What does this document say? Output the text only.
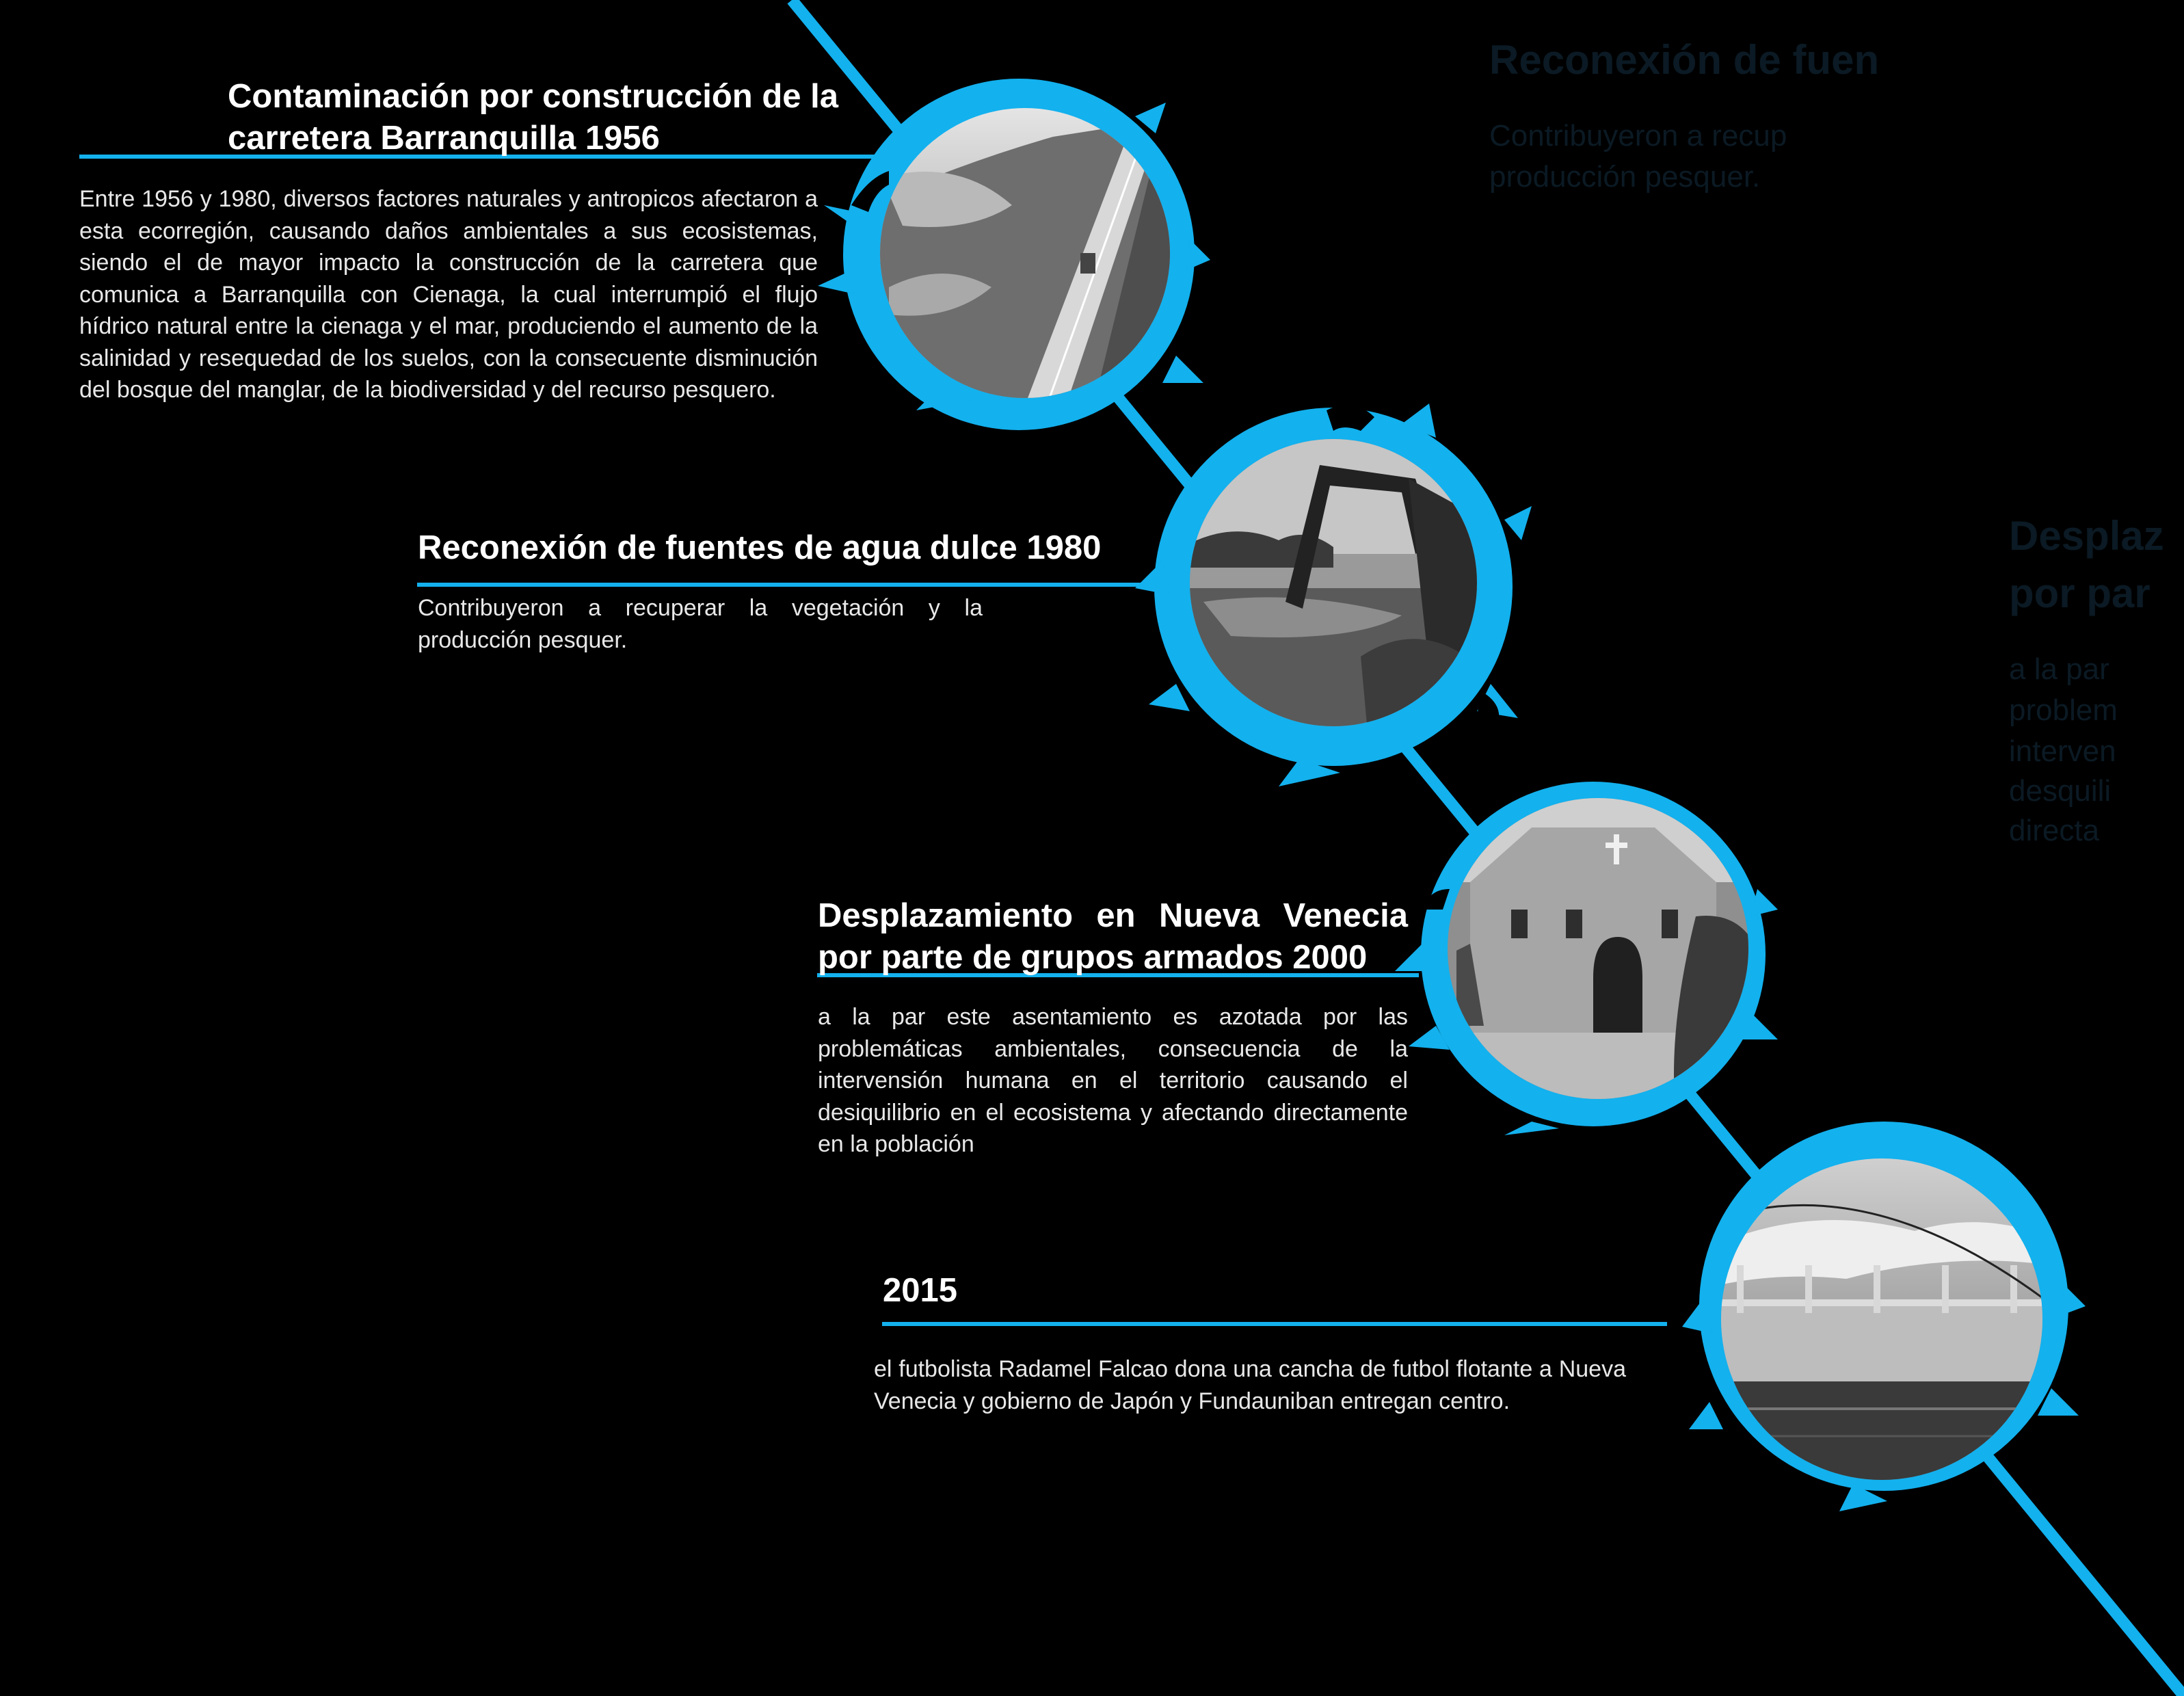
Reconexión de fuen

Contribuyeron a recup

producción pesquer.

Desplaz

por par

a la par

problem

interven

desquili

directa

Contaminación por construcción de la
carretera Barranquilla 1956

Entre 1956 y 1980, diversos factores naturales y antropicos afectaron a esta ecorregión, causando daños ambientales a sus ecosistemas, siendo el de mayor impacto la construcción de la carretera que comunica a Barranquilla con Cienaga, la cual interrumpió el flujo hídrico natural entre la cienaga y el mar, produciendo el aumento de la salinidad y resequedad de los suelos, con la consecuente disminución del bosque del manglar, de la biodiversidad y del recurso pesquero.

Reconexión de fuentes de agua dulce 1980

Contribuyeron a recuperar la vegetación y la producción pesquer.

Desplazamiento en Nueva Venecia

por parte de grupos armados 2000

a la par este asentamiento es azotada por las problemáticas ambientales, consecuencia de la intervensión humana en el territorio causando el desiquilibrio en el ecosistema y afectando directamente en la población

2015

el futbolista Radamel Falcao dona una cancha de futbol flotante a Nueva Venecia y gobierno de Japón y Fundauniban entregan centro.
